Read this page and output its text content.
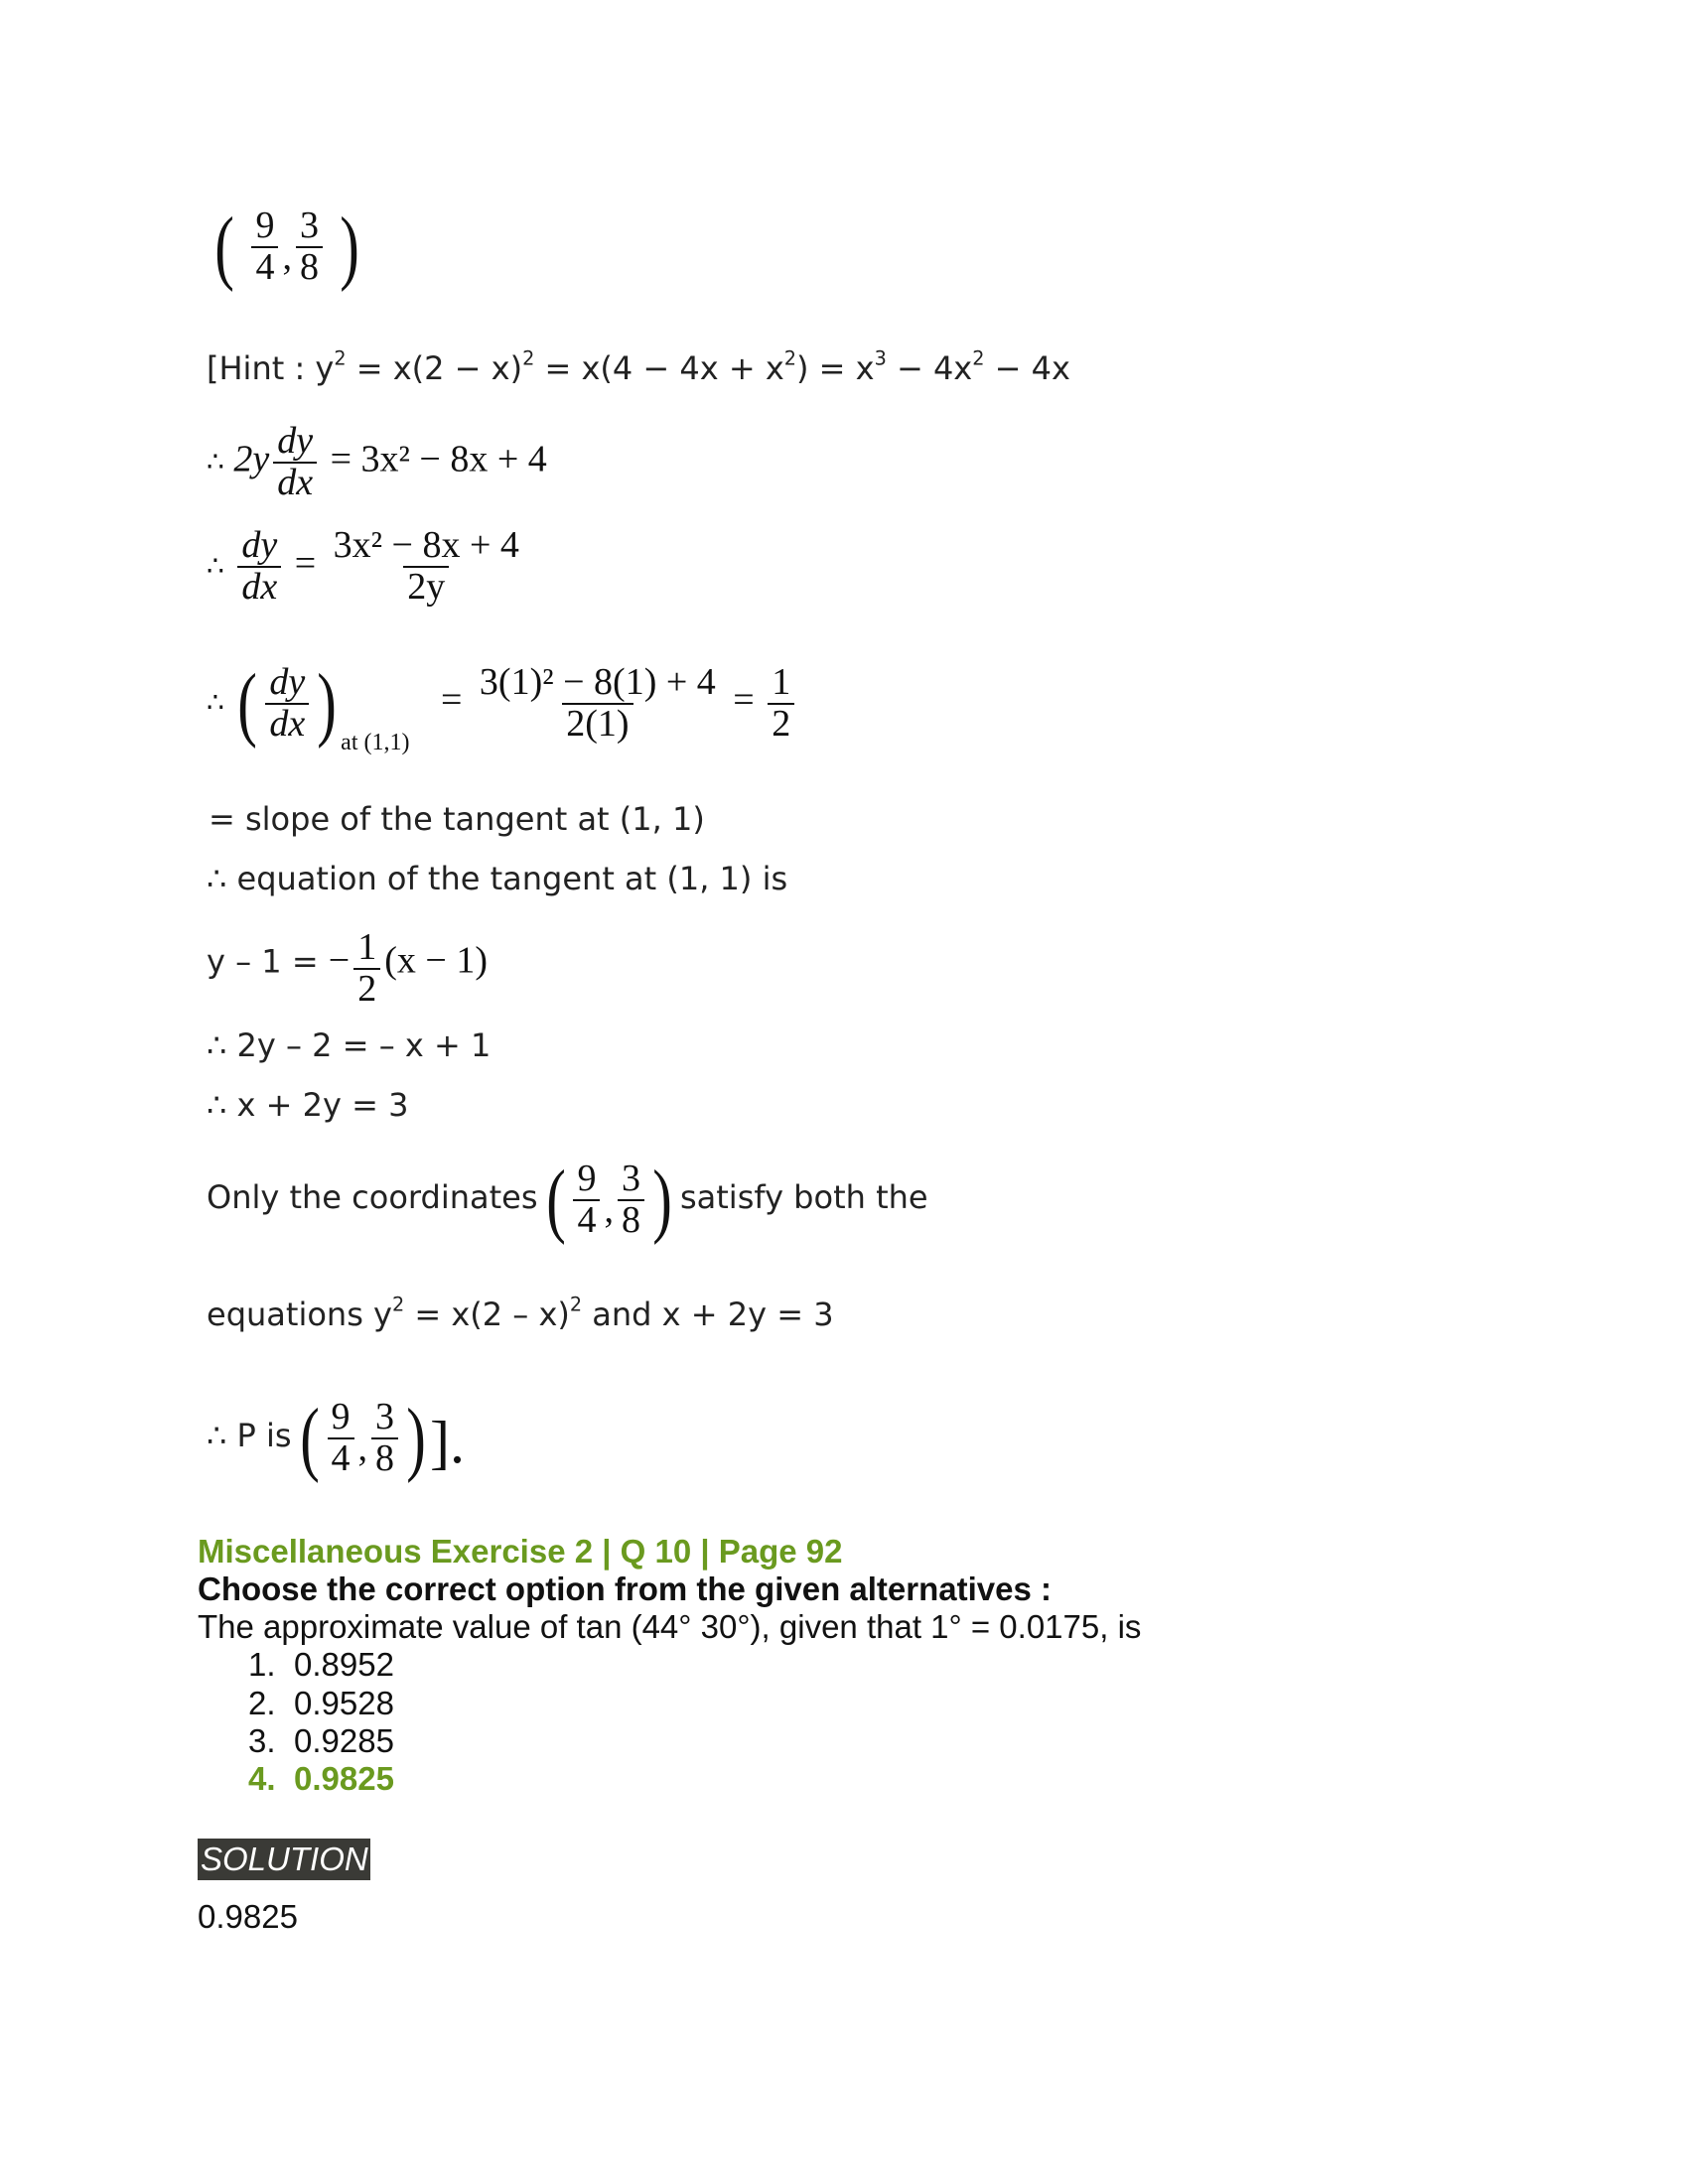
( $\frac{9}{4}$ , $\frac{3}{8}$ )
[Hint : $y^2 = x(2 - x)^2 = x(4 - 4x + x^2) = x^3 - 4x^2 - 4x$
∴ $2y \frac{dy}{dx} = 3x^2 - 8x + 4$
∴ $\frac{dy}{dx} = \frac{\text{3x² − 8x + 4}}{2y}$
∴ ( $\frac{dy}{dx}$ ) $_{at (1,1)} = \frac{\text{3(1)² − 8(1) + 4}}{2(1)} = \frac{1}{2}$
= slope of the tangent at (1, 1)
∴ equation of the tangent at (1, 1) is
y – 1 = − $\frac{1}{2} (x - 1)$
∴ 2y – 2 = – x + 1
∴ x + 2y = 3
Only the coordinates ( $\frac{9}{4}$ , $\frac{3}{8}$ ) satisfy both the
equations $y^2 = x(2 - x)^2$ and x + 2y = 3
∴ P is ( $\frac{9}{4}$ , $\frac{3}{8}$ )].
Miscellaneous Exercise 2 | Q 10 | Page 92
Choose the correct option from the given alternatives :
The approximate value of tan (44° 30°), given that 1° = 0.0175, is
1. 0.8952
2. 0.9528
3. 0.9285
4. 0.9825
SOLUTION
0.9825
